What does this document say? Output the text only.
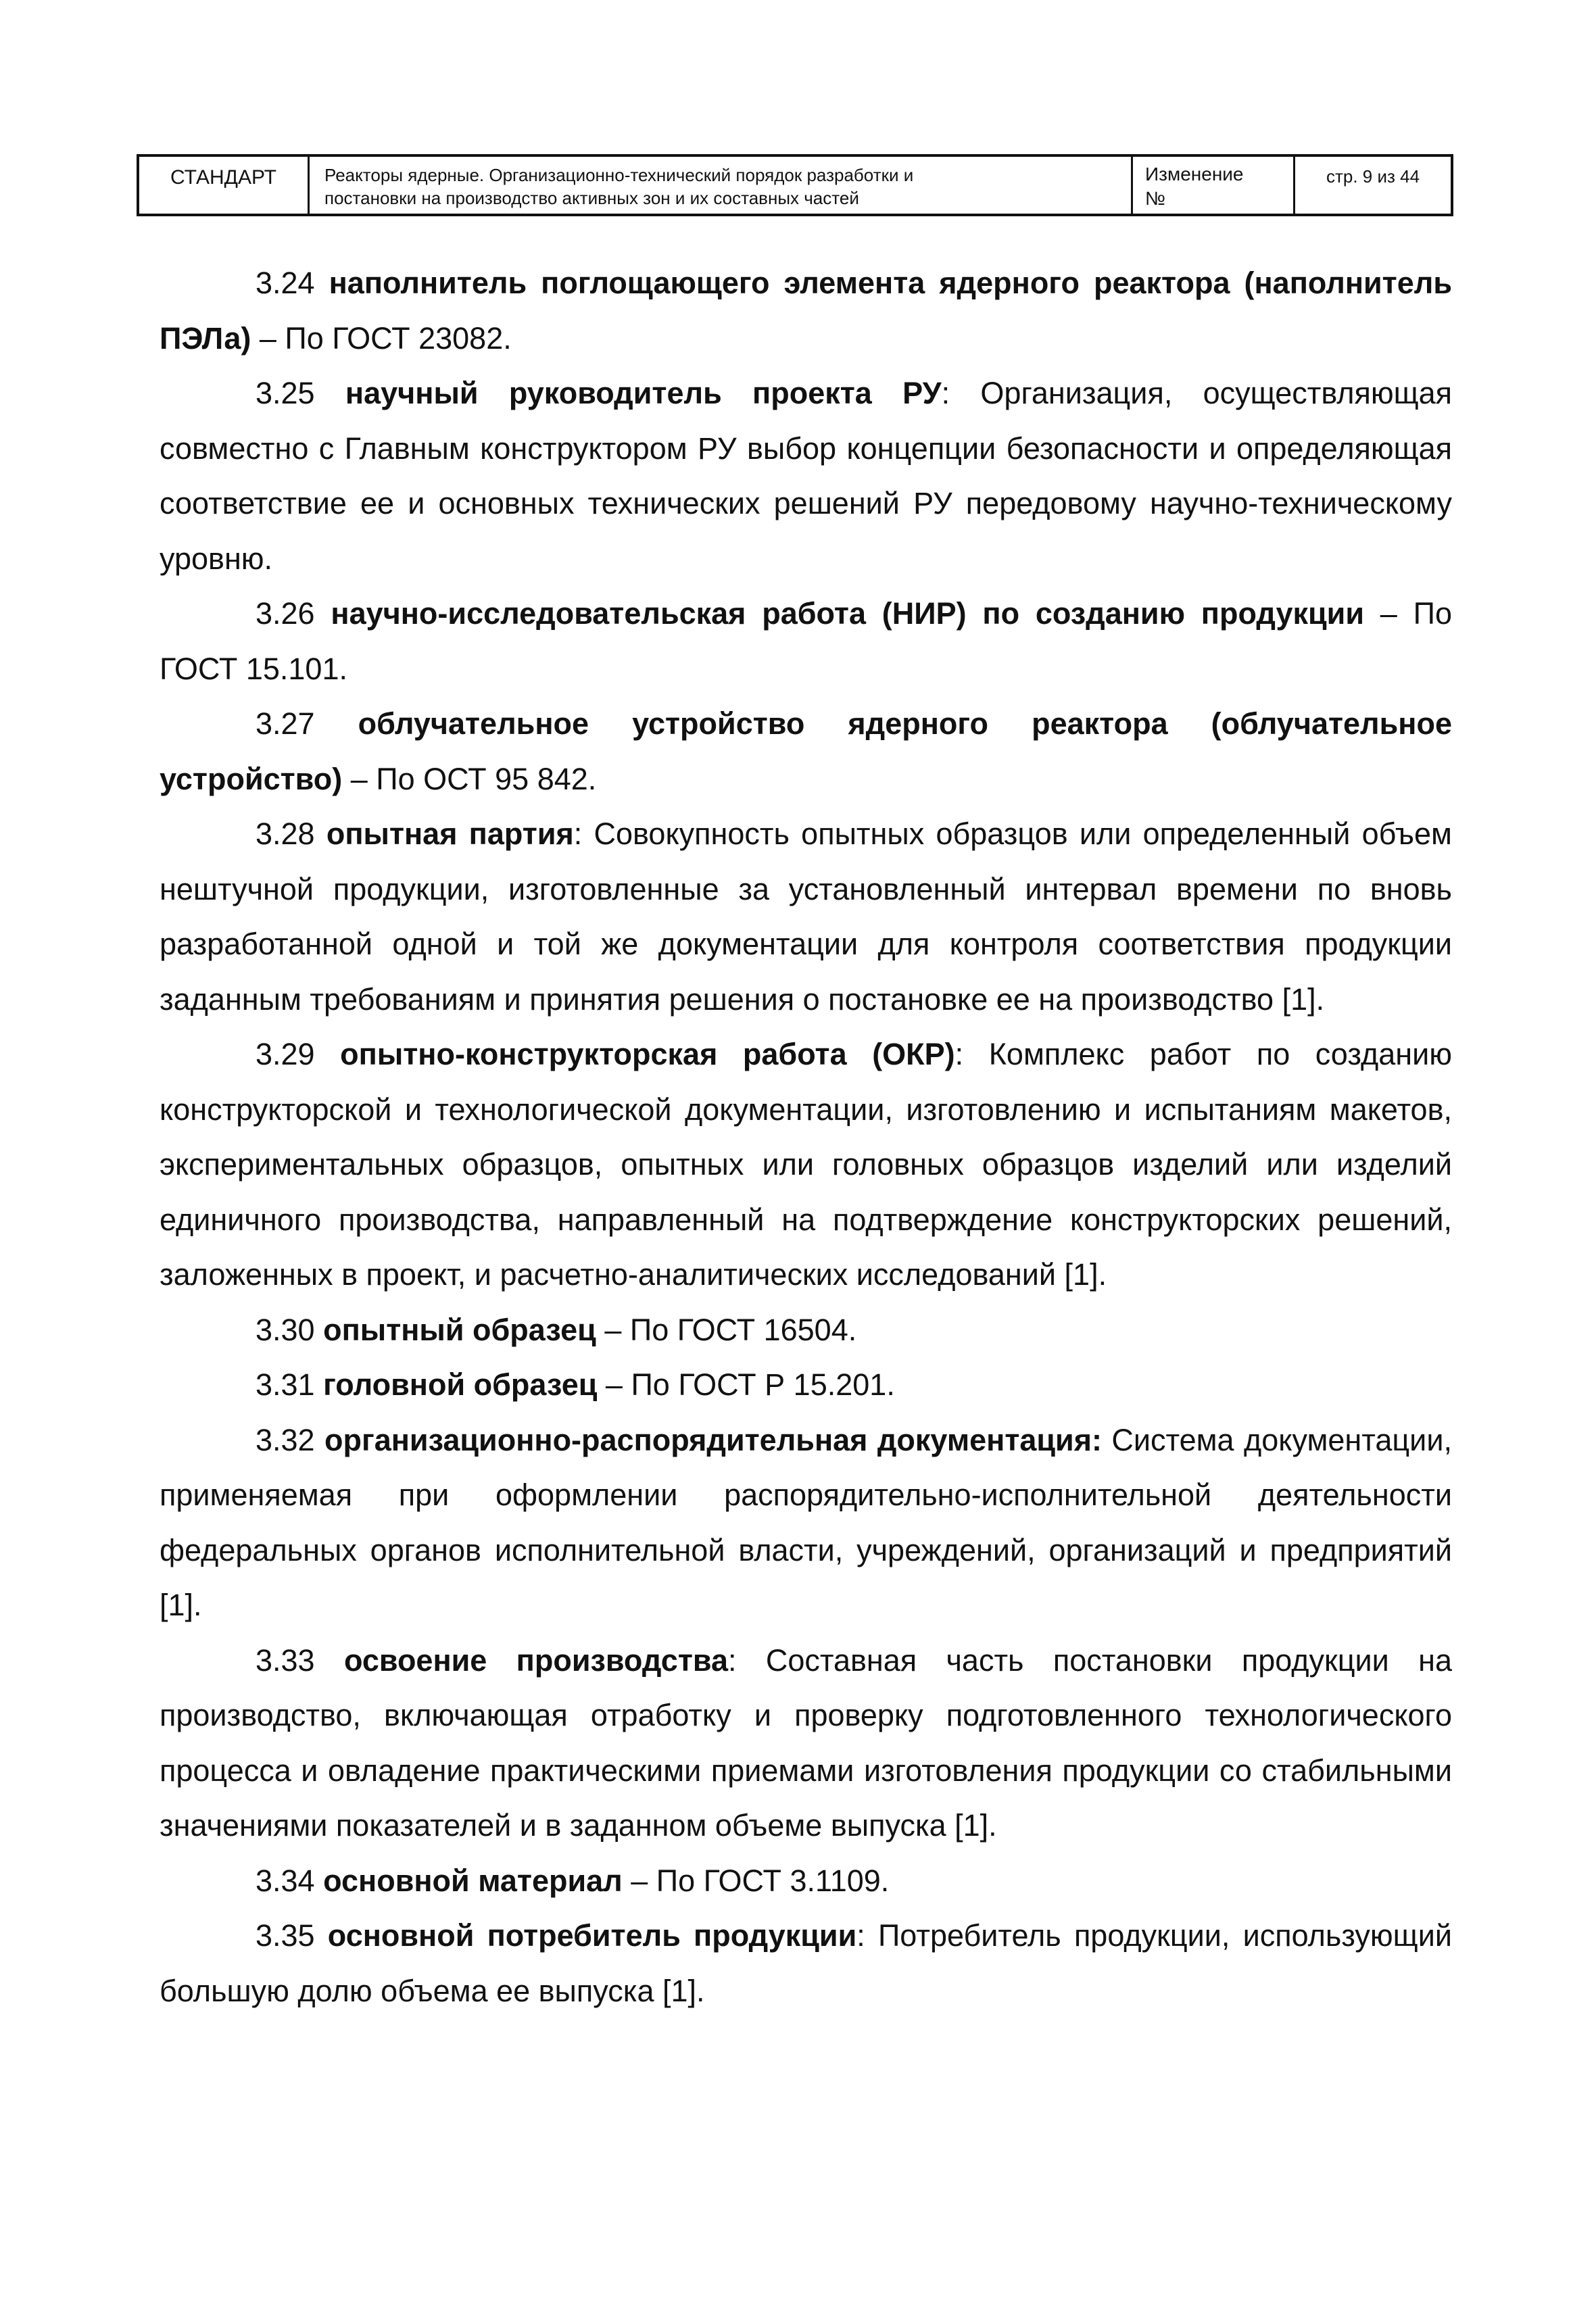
СТАНДАРТ	Реакторы ядерные. Организационно-технический порядок разработки и
постановки на производство активных зон и их составных частей
Изменение
№
стр. 9 из 44

3.24 наполнитель поглощающего элемента ядерного реактора (наполнитель ПЭЛа) – По ГОСТ 23082.

3.25 научный руководитель проекта РУ: Организация, осуществляющая совместно с Главным конструктором РУ выбор концепции безопасности и определяющая соответствие ее и основных технических решений РУ передовому научно-техническому уровню.

3.26 научно-исследовательская работа (НИР) по созданию продукции – По ГОСТ 15.101.

3.27 облучательное устройство ядерного реактора (облучательное устройство) – По ОСТ 95 842.

3.28 опытная партия: Совокупность опытных образцов или определенный объем нештучной продукции, изготовленные за установленный интервал времени по вновь разработанной одной и той же документации для контроля соответствия продукции заданным требованиям и принятия решения о постановке ее на производство [1].

3.29 опытно-конструкторская работа (ОКР): Комплекс работ по созданию конструкторской и технологической документации, изготовлению и испытаниям макетов, экспериментальных образцов, опытных или головных образцов изделий или изделий единичного производства, направленный на подтверждение конструкторских решений, заложенных в проект, и расчетно-аналитических исследований [1].

3.30 опытный образец – По ГОСТ 16504.

3.31 головной образец – По ГОСТ Р 15.201.

3.32 организационно-распорядительная документация: Система документации, применяемая при оформлении распорядительно-исполнительной деятельности федеральных органов исполнительной власти, учреждений, организаций и предприятий [1].

3.33 освоение производства: Составная часть постановки продукции на производство, включающая отработку и проверку подготовленного технологического процесса и овладение практическими приемами изготовления продукции со стабильными значениями показателей и в заданном объеме выпуска [1].

3.34 основной материал – По ГОСТ 3.1109.

3.35 основной потребитель продукции: Потребитель продукции, использующий большую долю объема ее выпуска [1].
